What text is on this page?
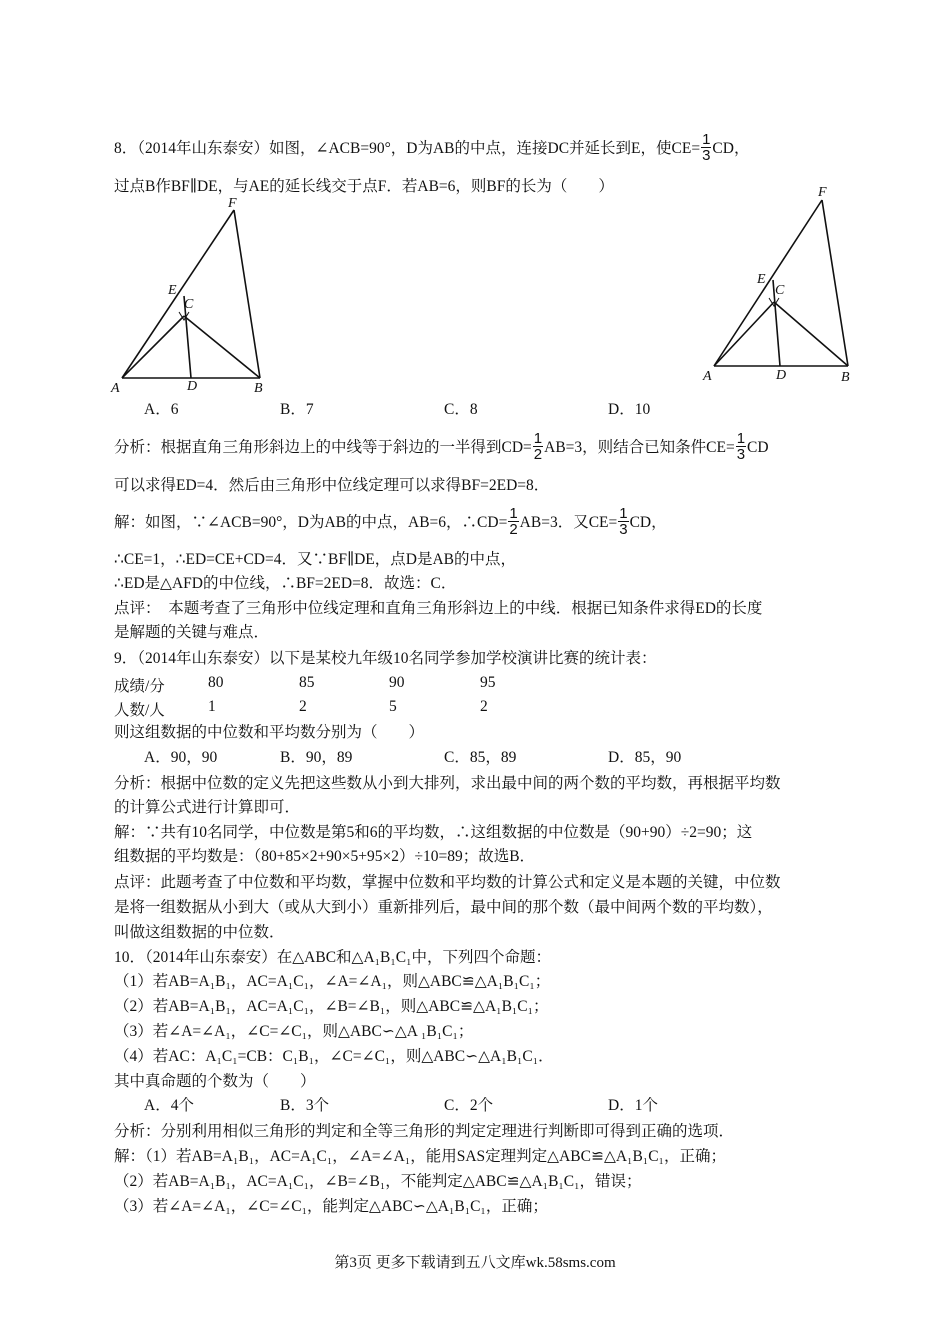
8．（2014年山东泰安）如图，∠ACB=90°，D为AB的中点，连接DC并延长到E，使$CE= \frac{1}{3}$ CD，
过点B作BF∥DE，与AE的延长线交于点F．若AB=6，则BF的长为（　　）
A	B
D
C
E
F
A	B
D
C
E
F
A．6	B．7	C．8	D．10
分析：根据直角三角形斜边上的中线等于斜边的一半得到$CD= \frac{1}{2} AB=3$，则结合已知条件$CE= \frac{1}{3}$ CD
可以求得ED=4．然后由三角形中位线定理可以求得BF=2ED=8．
解：如图，∵∠ACB=90°，D为AB的中点，AB=6，∴CD= $\frac{1}{2} AB=3$．又$CE= \frac{1}{3}$ CD，
∴CE=1，∴ED=CE+CD=4．又∵BF∥DE，点D是AB的中点，
∴ED是△AFD的中位线，∴BF=2ED=8．故选：C．
点评：　本题考查了三角形中位线定理和直角三角形斜边上的中线．根据已知条件求得ED的长度
是解题的关键与难点．
9．（2014年山东泰安）以下是某校九年级10名同学参加学校演讲比赛的统计表：
成绩/分	80	85	90	95
人数/人	1	2	5	2
则这组数据的中位数和平均数分别为（　　）
A．90，90	B．90，89	C．85，89	D．85，90
分析：根据中位数的定义先把这些数从小到大排列，求出最中间的两个数的平均数，再根据平均数
的计算公式进行计算即可．
解：∵共有10名同学，中位数是第5和6的平均数，∴这组数据的中位数是（90+90）÷2=90；这
组数据的平均数是：（80+85×2+90×5+95×2）÷10=89；故选B．
点评：此题考查了中位数和平均数，掌握中位数和平均数的计算公式和定义是本题的关键，中位数
是将一组数据从小到大（或从大到小）重新排列后，最中间的那个数（最中间两个数的平均数），
叫做这组数据的中位数．
10．（2014年山东泰安）在△ABC和△A₁B₁C₁中，下列四个命题：
（1）若AB=A₁B₁，AC=A₁C₁，∠A=∠A₁，则△ABC≌△A₁B₁C₁；
（2）若AB=A₁B₁，AC=A₁C₁，∠B=∠B₁，则△ABC≌△A₁B₁C₁；
（3）若∠A=∠A₁，∠C=∠C₁，则△ABC∽△A ₁B₁C₁；
（4）若AC：A₁C₁=CB：C₁B₁，∠C=∠C₁，则△ABC∽△A₁B₁C₁．
其中真命题的个数为（　　）
A．4个	B．3个	C．2个	D．1个
分析：分别利用相似三角形的判定和全等三角形的判定定理进行判断即可得到正确的选项．
解：（1）若AB=A₁B₁，AC=A₁C₁，∠A=∠A₁，能用SAS定理判定△ABC≌△A₁B₁C₁，正确；
（2）若AB=A₁B₁，AC=A₁C₁，∠B=∠B₁，不能判定△ABC≌△A₁B₁C₁，错误；
（3）若∠A=∠A₁，∠C=∠C₁，能判定△ABC∽△A₁B₁C₁，正确；
第3页 更多下载请到五八文库wk.58sms.com
